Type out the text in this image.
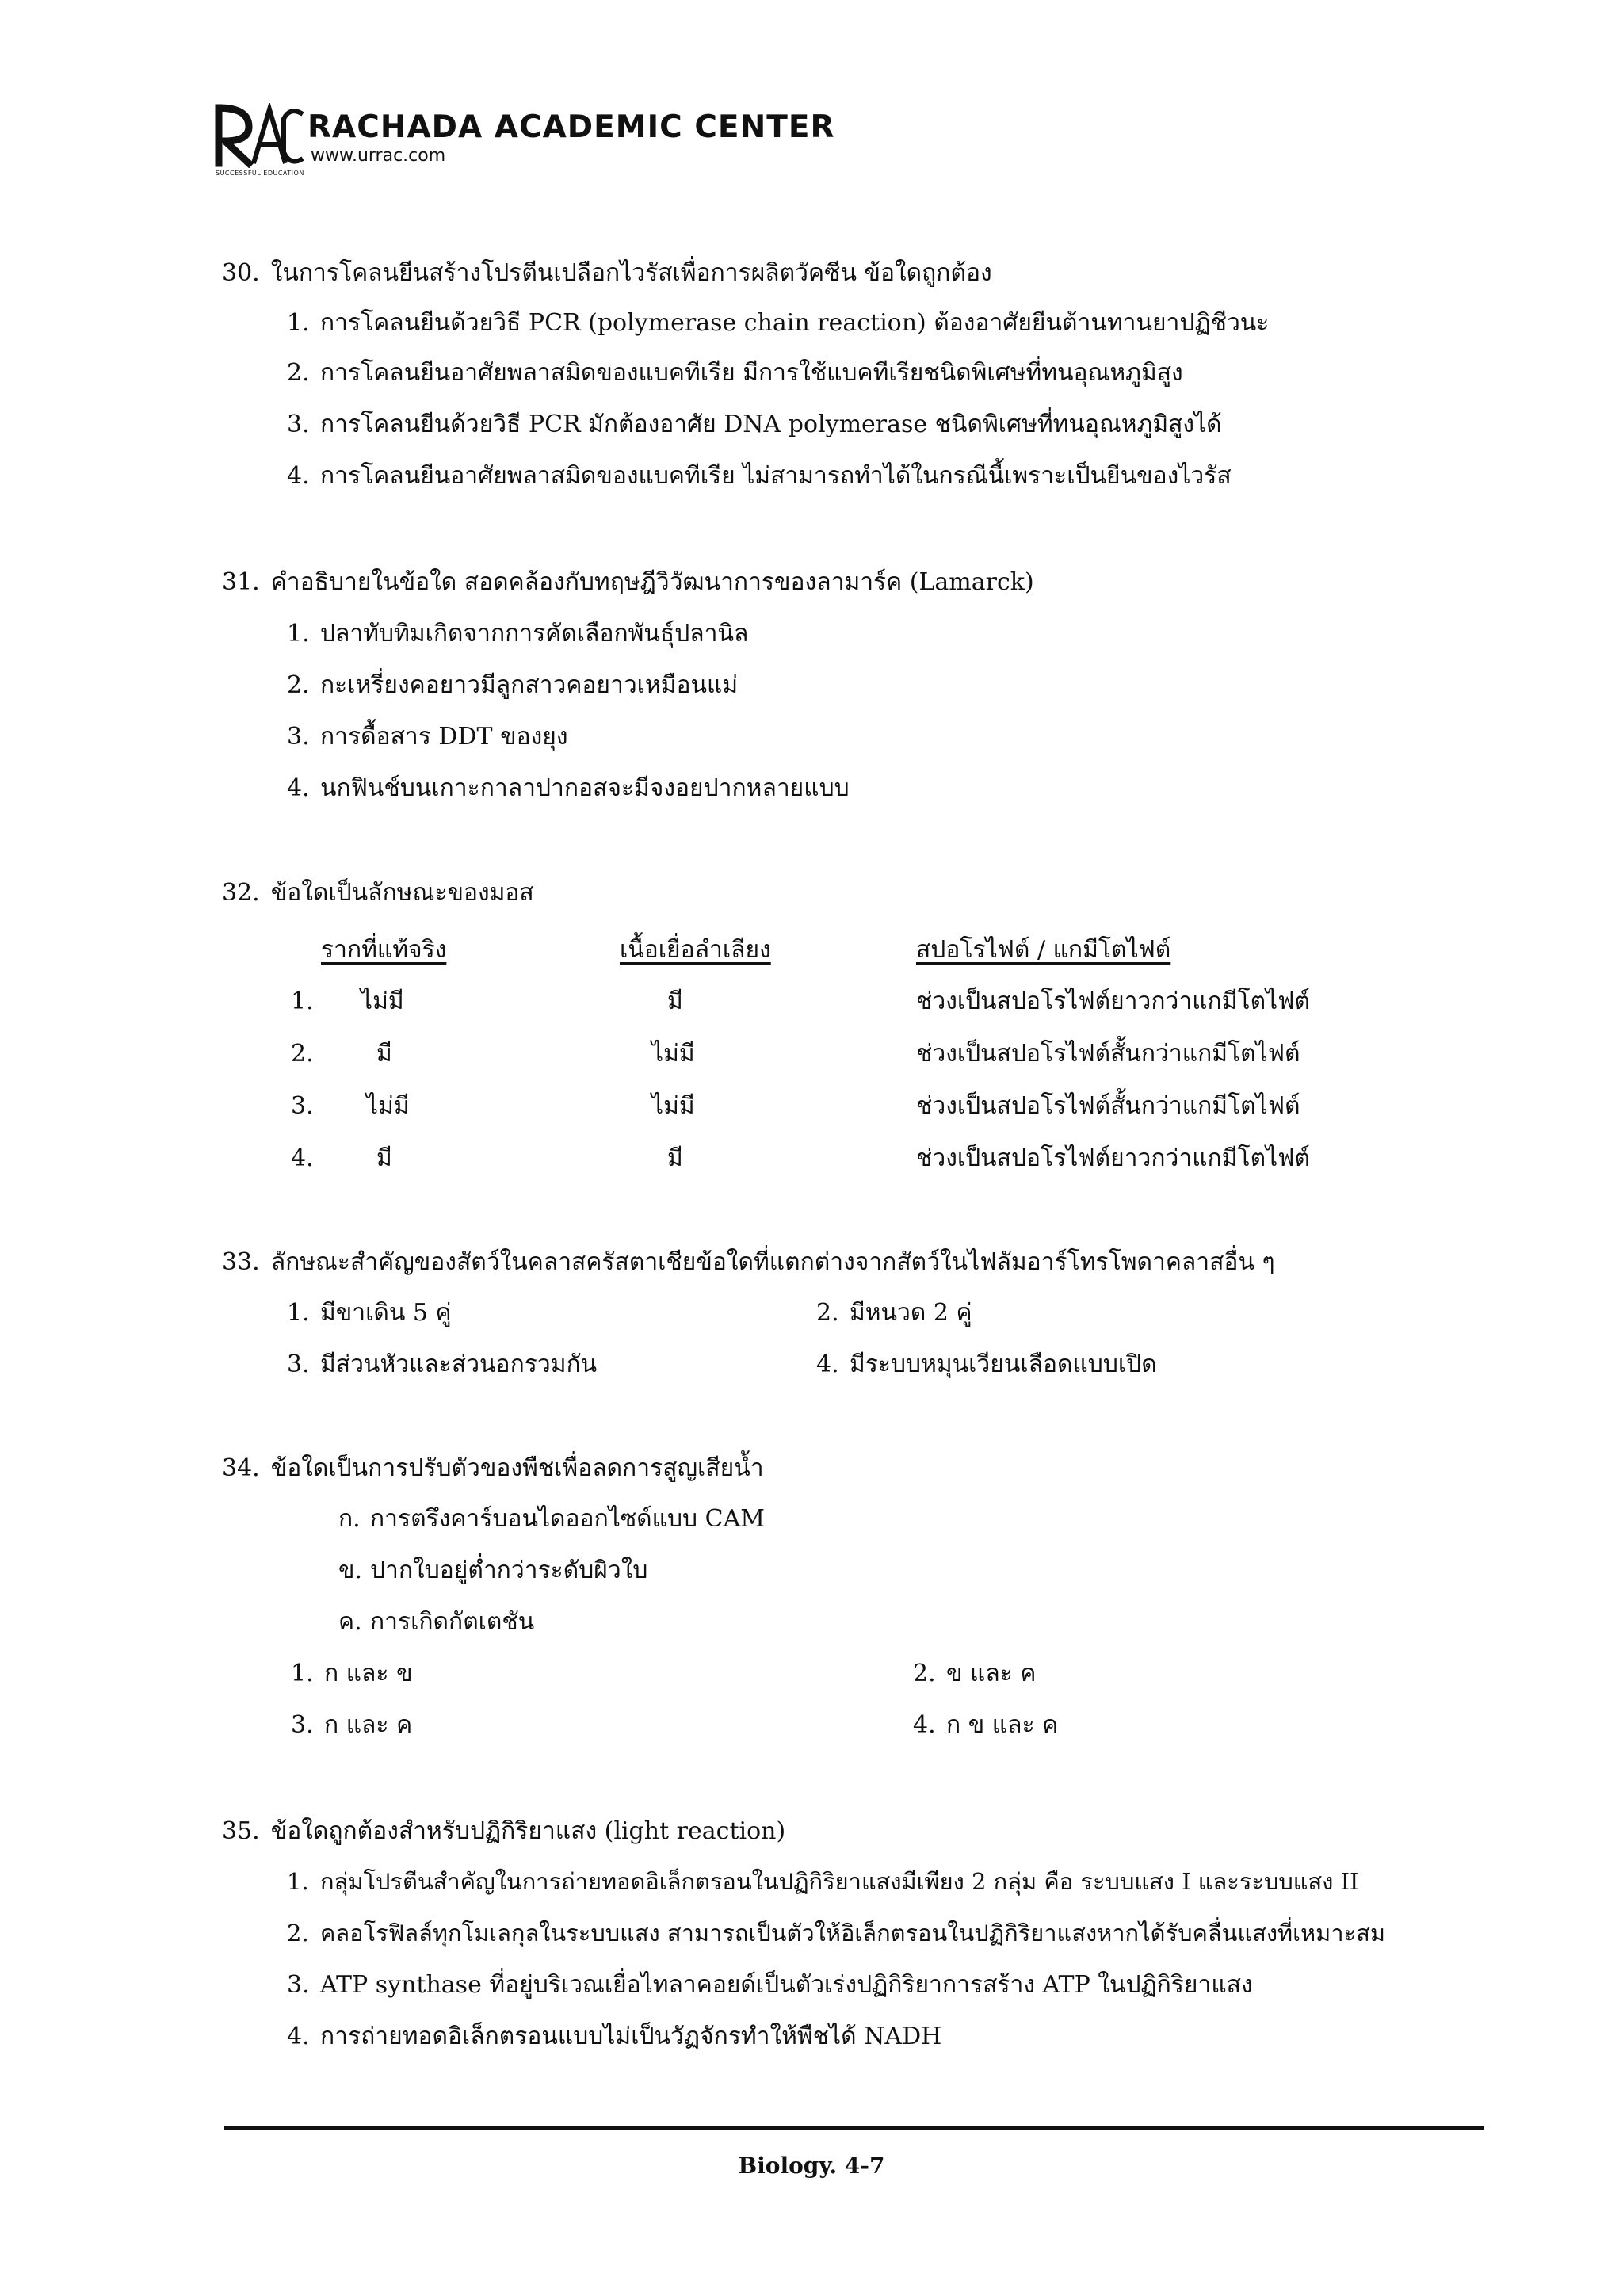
RACHADA ACADEMIC CENTER
www.urrac.com
SUCCESSFUL EDUCATION
30. ในการโคลนยีนสร้างโปรตีนเปลือกไวรัสเพื่อการผลิตวัคซีน ข้อใดถูกต้อง
1. การโคลนยีนด้วยวิธี PCR (polymerase chain reaction) ต้องอาศัยยีนต้านทานยาปฏิชีวนะ
2. การโคลนยีนอาศัยพลาสมิดของแบคทีเรีย มีการใช้แบคทีเรียชนิดพิเศษที่ทนอุณหภูมิสูง
3. การโคลนยีนด้วยวิธี PCR มักต้องอาศัย DNA polymerase ชนิดพิเศษที่ทนอุณหภูมิสูงได้
4. การโคลนยีนอาศัยพลาสมิดของแบคทีเรีย ไม่สามารถทำได้ในกรณีนี้เพราะเป็นยีนของไวรัส
31. คำอธิบายในข้อใด สอดคล้องกับทฤษฎีวิวัฒนาการของลามาร์ค (Lamarck)
1. ปลาทับทิมเกิดจากการคัดเลือกพันธุ์ปลานิล
2. กะเหรี่ยงคอยาวมีลูกสาวคอยาวเหมือนแม่
3. การดื้อสาร DDT ของยุง
4. นกฟินช์บนเกาะกาลาปากอสจะมีจงอยปากหลายแบบ
32. ข้อใดเป็นลักษณะของมอส
รากที่แท้จริง	เนื้อเยื่อลำเลียง	สปอโรไฟต์ / แกมีโตไฟต์
1. ไม่มี	มี	ช่วงเป็นสปอโรไฟต์ยาวกว่าแกมีโตไฟต์
2.	มี	ไม่มี	ช่วงเป็นสปอโรไฟต์สั้นกว่าแกมีโตไฟต์
3. ไม่มี	ไม่มี	ช่วงเป็นสปอโรไฟต์สั้นกว่าแกมีโตไฟต์
4.	มี	มี	ช่วงเป็นสปอโรไฟต์ยาวกว่าแกมีโตไฟต์
33. ลักษณะสำคัญของสัตว์ในคลาสครัสตาเชียข้อใดที่แตกต่างจากสัตว์ในไฟลัมอาร์โทรโพดาคลาสอื่น ๆ
1. มีขาเดิน 5 คู่	2. มีหนวด 2 คู่
3. มีส่วนหัวและส่วนอกรวมกัน	4. มีระบบหมุนเวียนเลือดแบบเปิด
34. ข้อใดเป็นการปรับตัวของพืชเพื่อลดการสูญเสียน้ำ
ก. การตรึงคาร์บอนไดออกไซด์แบบ CAM
ข. ปากใบอยู่ต่ำกว่าระดับผิวใบ
ค. การเกิดกัตเตชัน
1. ก และ ข	2. ข และ ค
3. ก และ ค	4. ก ข และ ค
35. ข้อใดถูกต้องสำหรับปฏิกิริยาแสง (light reaction)
1. กลุ่มโปรตีนสำคัญในการถ่ายทอดอิเล็กตรอนในปฏิกิริยาแสงมีเพียง 2 กลุ่ม คือ ระบบแสง I และระบบแสง II
2. คลอโรฟิลล์ทุกโมเลกุลในระบบแสง สามารถเป็นตัวให้อิเล็กตรอนในปฏิกิริยาแสงหากได้รับคลื่นแสงที่เหมาะสม
3. ATP synthase ที่อยู่บริเวณเยื่อไทลาคอยด์เป็นตัวเร่งปฏิกิริยาการสร้าง ATP ในปฏิกิริยาแสง
4. การถ่ายทอดอิเล็กตรอนแบบไม่เป็นวัฏจักรทำให้พืชได้ NADH
Biology. 4-7
